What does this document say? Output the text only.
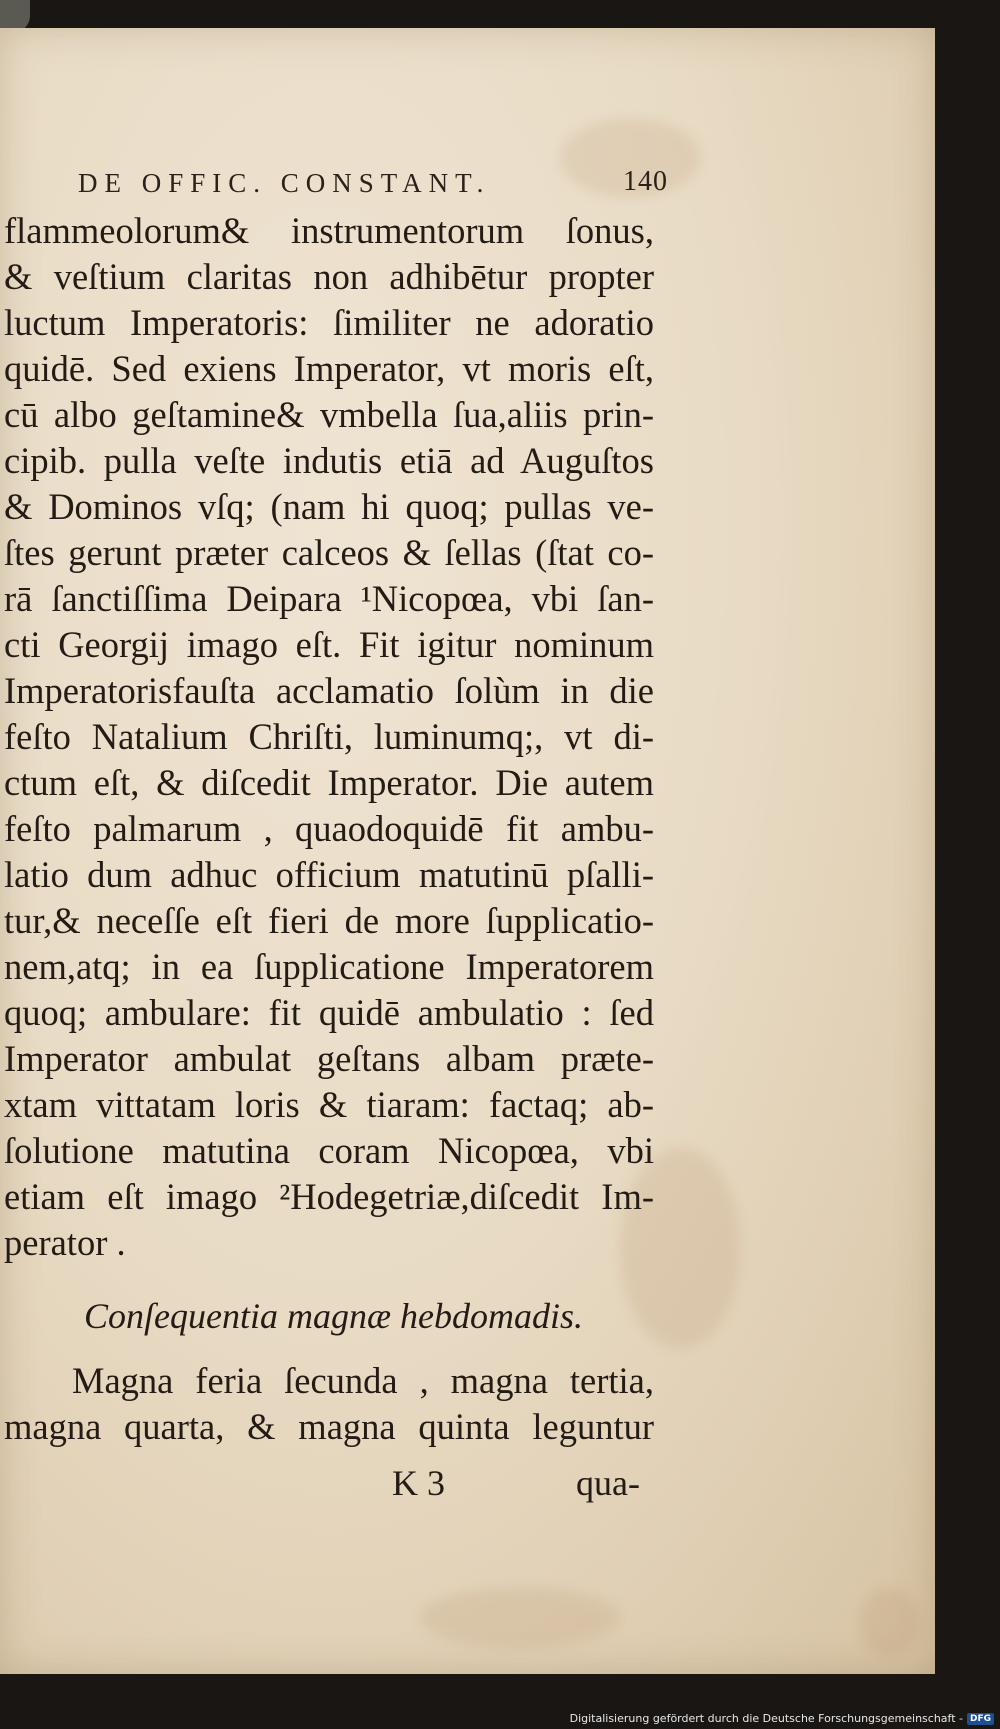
DE OFFIC. CONSTANT.	140
flammeolorum& instrumentorum ſonus,
& veſtium claritas non adhibētur propter
luctum Imperatoris: ſimiliter ne adoratio
quidē. Sed exiens Imperator, vt moris eſt,
cū albo geſtamine& vmbella ſua,aliis prin-
cipib. pulla veſte indutis etiā ad Auguſtos
& Dominos vſq; (nam hi quoq; pullas ve-
ſtes gerunt præter calceos & ſellas (ſtat co-
rā ſanctiſſima Deipara ¹Nicopœa, vbi ſan-
cti Georgij imago eſt. Fit igitur nominum
Imperatorisfauſta acclamatio ſolùm in die
feſto Natalium Chriſti, luminumq;, vt di-
ctum eſt, & diſcedit Imperator. Die autem
feſto palmarum , quaodoquidē fit ambu-
latio dum adhuc officium matutinū pſalli-
tur,& neceſſe eſt fieri de more ſupplicatio-
nem,atq; in ea ſupplicatione Imperatorem
quoq; ambulare: fit quidē ambulatio : ſed
Imperator ambulat geſtans albam præte-
xtam vittatam loris & tiaram: factaq; ab-
ſolutione matutina coram Nicopœa, vbi
etiam eſt imago ²Hodegetriæ,diſcedit Im-
perator .
Conſequentia magnæ hebdomadis.
Magna feria ſecunda , magna tertia,
magna quarta, & magna quinta leguntur
K 3	qua-
Digitalisierung gefördert durch die Deutsche Forschungsgemeinschaft - DFG
